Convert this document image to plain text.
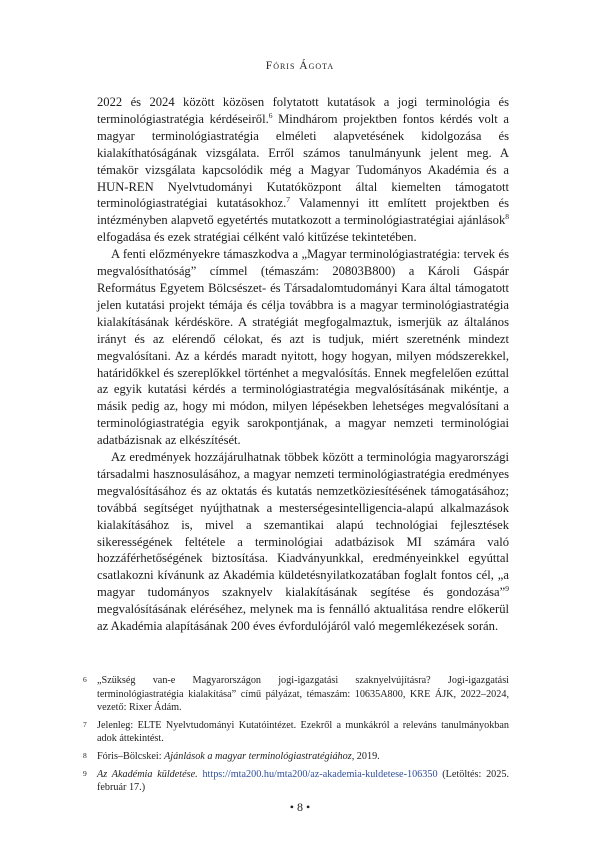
Fóris Ágota

2022 és 2024 között közösen folytatott kutatások a jogi terminológia és terminológiastratégia kérdéseiről.$^6$ Mindhárom projektben fontos kérdés volt a magyar terminológiastratégia elméleti alapvetésének kidolgozása és kialakíthatóságának vizsgálata. Erről számos tanulmányunk jelent meg. A témakör vizsgálata kapcsolódik még a Magyar Tudományos Akadémia és a HUN-REN Nyelvtudományi Kutatóközpont által kiemelten támogatott terminológiastratégiai kutatásokhoz.$^7$ Valamennyi itt említett projektben és intézményben alapvető egyetértés mutatkozott a terminológiastratégiai ajánlások$^8$ elfogadása és ezek stratégiai célként való kitűzése tekintetében.

A fenti előzményekre támaszkodva a „Magyar terminológiastratégia: tervek és megvalósíthatóság” címmel (témaszám: 20803B800) a Károli Gáspár Református Egyetem Bölcsészet- és Társadalomtudományi Kara által támogatott jelen kutatási projekt témája és célja továbbra is a magyar terminológiastratégia kialakításának kérdésköre. A stratégiát megfogalmaztuk, ismerjük az általános irányt és az elérendő célokat, és azt is tudjuk, miért szeretnénk mindezt megvalósítani. Az a kérdés maradt nyitott, hogy hogyan, milyen módszerekkel, határidőkkel és szereplőkkel történhet a megvalósítás. Ennek megfelelően ezúttal az egyik kutatási kérdés a terminológiastratégia megvalósításának mikéntje, a másik pedig az, hogy mi módon, milyen lépésekben lehetséges megvalósítani a terminológiastratégia egyik sarokpontjának, a magyar nemzeti terminológiai adatbázisnak az elkészítését.

Az eredmények hozzájárulhatnak többek között a terminológia magyarországi társadalmi hasznosulásához, a magyar nemzeti terminológiastratégia eredményes megvalósításához és az oktatás és kutatás nemzetköziesítésének támogatásához; továbbá segítséget nyújthatnak a mesterségesintelligencia-alapú alkalmazások kialakításához is, mivel a szemantikai alapú technológiai fejlesztések sikerességének feltétele a terminológiai adatbázisok MI számára való hozzáférhetőségének biztosítása. Kiadványunkkal, eredményeinkkel egyúttal csatlakozni kívánunk az Akadémia küldetésnyilatkozatában foglalt fontos cél, „a magyar tudományos szaknyelv kialakításának segítése és gondozása”$^9$ megvalósításának eléréséhez, melynek ma is fennálló aktualitása rendre előkerül az Akadémia alapításának 200 éves évfordulójáról való megemlékezések során.

6	„Szükség van-e Magyarországon jogi-igazgatási szaknyelvújításra? Jogi-igazgatási terminológiastratégia kialakítása” című pályázat, témaszám: 10635A800, KRE ÁJK, 2022–2024, vezető: Rixer Ádám.
7	Jelenleg: ELTE Nyelvtudományi Kutatóintézet. Ezekről a munkákról a releváns tanulmányokban adok áttekintést.
8	Fóris–Bölcskei: Ajánlások a magyar terminológiastratégiához, 2019.
9	Az Akadémia küldetése. https://mta200.hu/mta200/az-akademia-kuldetese-106350 (Letöltés: 2025. február 17.)
• 8 •
